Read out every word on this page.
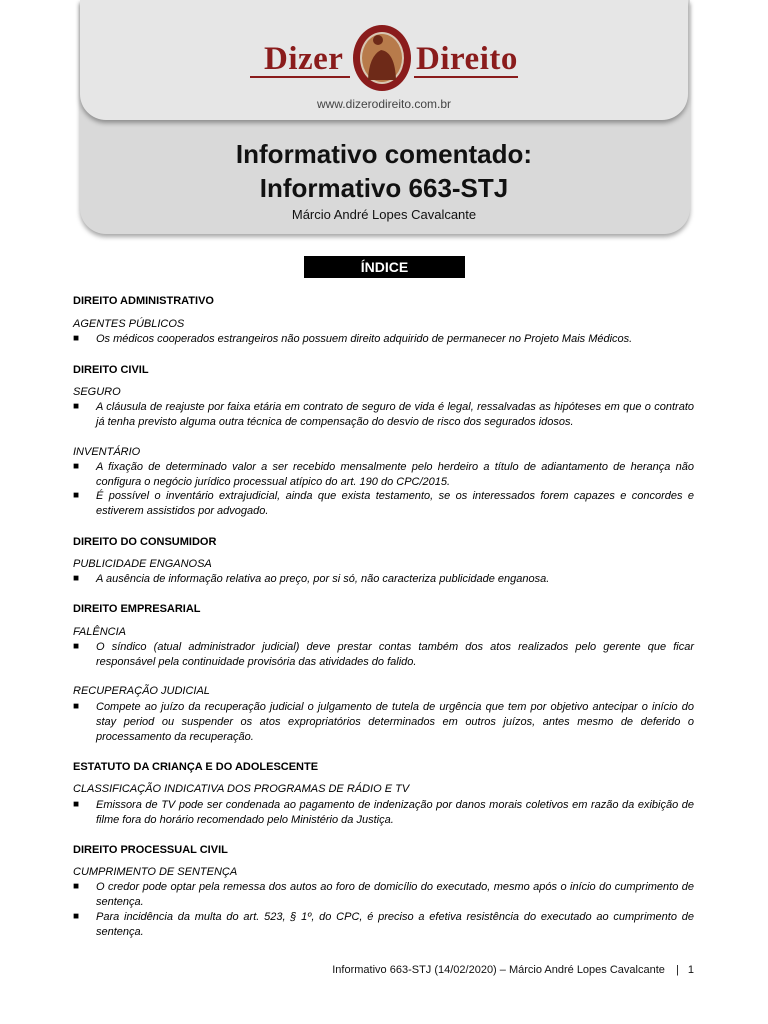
Dizer Direito
www.dizerodireito.com.br
Informativo comentado:
Informativo 663-STJ
Márcio André Lopes Cavalcante
ÍNDICE
DIREITO ADMINISTRATIVO
AGENTES PÚBLICOS
■ Os médicos cooperados estrangeiros não possuem direito adquirido de permanecer no Projeto Mais Médicos.
DIREITO CIVIL
SEGURO
■ A cláusula de reajuste por faixa etária em contrato de seguro de vida é legal, ressalvadas as hipóteses em que o contrato já tenha previsto alguma outra técnica de compensação do desvio de risco dos segurados idosos.
INVENTÁRIO
■ A fixação de determinado valor a ser recebido mensalmente pelo herdeiro a título de adiantamento de herança não configura o negócio jurídico processual atípico do art. 190 do CPC/2015.
■ É possível o inventário extrajudicial, ainda que exista testamento, se os interessados forem capazes e concordes e estiverem assistidos por advogado.
DIREITO DO CONSUMIDOR
PUBLICIDADE ENGANOSA
■ A ausência de informação relativa ao preço, por si só, não caracteriza publicidade enganosa.
DIREITO EMPRESARIAL
FALÊNCIA
■ O síndico (atual administrador judicial) deve prestar contas também dos atos realizados pelo gerente que ficar responsável pela continuidade provisória das atividades do falido.
RECUPERAÇÃO JUDICIAL
■ Compete ao juízo da recuperação judicial o julgamento de tutela de urgência que tem por objetivo antecipar o início do stay period ou suspender os atos expropriatórios determinados em outros juízos, antes mesmo de deferido o processamento da recuperação.
ESTATUTO DA CRIANÇA E DO ADOLESCENTE
CLASSIFICAÇÃO INDICATIVA DOS PROGRAMAS DE RÁDIO E TV
■ Emissora de TV pode ser condenada ao pagamento de indenização por danos morais coletivos em razão da exibição de filme fora do horário recomendado pelo Ministério da Justiça.
DIREITO PROCESSUAL CIVIL
CUMPRIMENTO DE SENTENÇA
■ O credor pode optar pela remessa dos autos ao foro de domicílio do executado, mesmo após o início do cumprimento de sentença.
■ Para incidência da multa do art. 523, § 1º, do CPC, é preciso a efetiva resistência do executado ao cumprimento de sentença.
Informativo 663-STJ (14/02/2020) – Márcio André Lopes Cavalcante | 1
